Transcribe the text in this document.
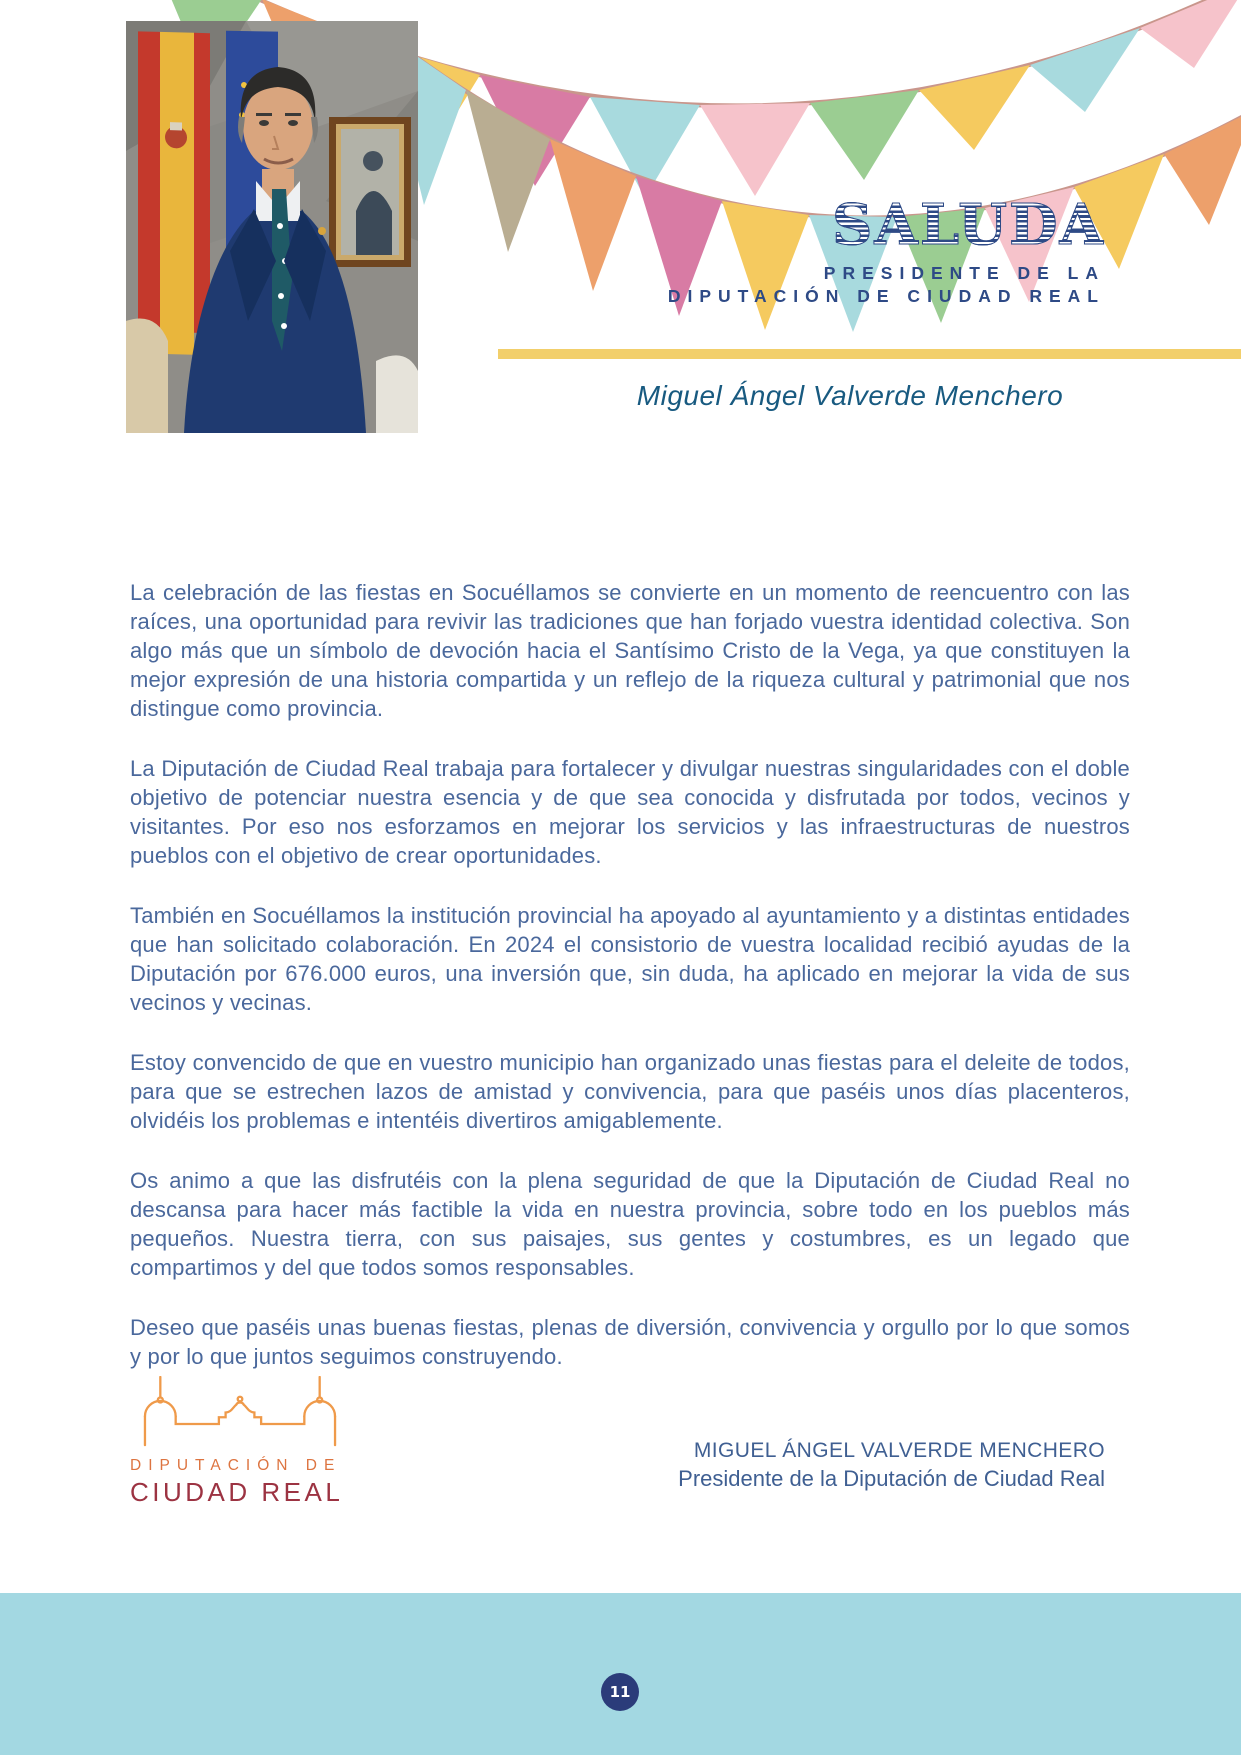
SALUDA
PRESIDENTE DE LA
DIPUTACIÓN DE CIUDAD REAL
Miguel Ángel Valverde Menchero

La celebración de las fiestas en Socuéllamos se convierte en un momento de reencuentro con las raíces, una oportunidad para revivir las tradiciones que han forjado vuestra identidad colectiva. Son algo más que un símbolo de devoción hacia el Santísimo Cristo de la Vega, ya que constituyen la mejor expresión de una historia compartida y un reflejo de la riqueza cultural y patrimonial que nos distingue como provincia.

La Diputación de Ciudad Real trabaja para fortalecer y divulgar nuestras singularidades con el doble objetivo de potenciar nuestra esencia y de que sea conocida y disfrutada por todos, vecinos y visitantes. Por eso nos esforzamos en mejorar los servicios y las infraestructuras de nuestros pueblos con el objetivo de crear oportunidades.

También en Socuéllamos la institución provincial ha apoyado al ayuntamiento y a distintas entidades que han solicitado colaboración. En 2024 el consistorio de vuestra localidad recibió ayudas de la Diputación por 676.000 euros, una inversión que, sin duda, ha aplicado en mejorar la vida de sus vecinos y vecinas.

Estoy convencido de que en vuestro municipio han organizado unas fiestas para el deleite de todos, para que se estrechen lazos de amistad y convivencia, para que paséis unos días placenteros, olvidéis los problemas e intentéis divertiros amigablemente.

Os animo a que las disfrutéis con la plena seguridad de que la Diputación de Ciudad Real no descansa para hacer más factible la vida en nuestra provincia, sobre todo en los pueblos más pequeños. Nuestra tierra, con sus paisajes, sus gentes y costumbres, es un legado que compartimos y del que todos somos responsables.

Deseo que paséis unas buenas fiestas, plenas de diversión, convivencia y orgullo por lo que somos y por lo que juntos seguimos construyendo.

DIPUTACIÓN DE
CIUDAD REAL
MIGUEL ÁNGEL VALVERDE MENCHERO
Presidente de la Diputación de Ciudad Real
11
